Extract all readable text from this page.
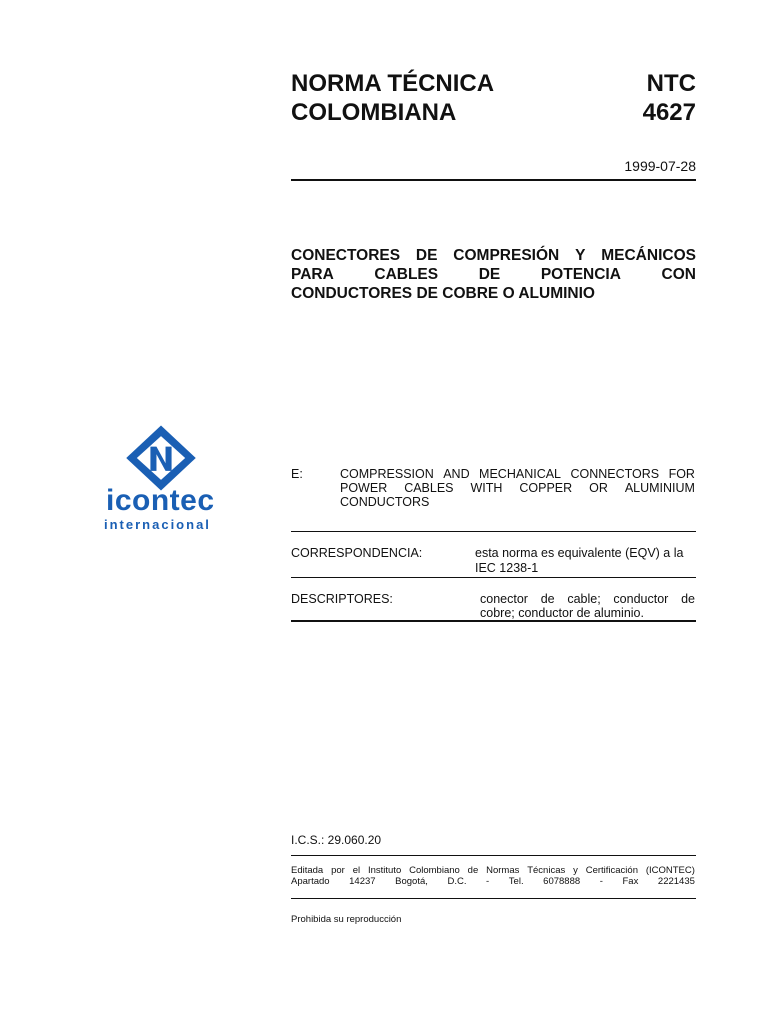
NORMA TÉCNICA
COLOMBIANA
NTC
4627
1999-07-28
CONECTORES DE COMPRESIÓN Y MECÁNICOS
PARA	CABLES	DE	POTENCIA	CON
CONDUCTORES DE COBRE O ALUMINIO
icontec
internacional
E:	COMPRESSION AND MECHANICAL CONNECTORS FOR
POWER CABLES WITH COPPER OR ALUMINIUM
CONDUCTORS
CORRESPONDENCIA:	esta norma es equivalente (EQV) a la
IEC 1238-1
DESCRIPTORES:	conector de cable; conductor de
cobre; conductor de aluminio.
I.C.S.: 29.060.20
Editada por el Instituto Colombiano de Normas Técnicas y Certificación (ICONTEC)
Apartado 14237 Bogotá, D.C. - Tel. 6078888 - Fax 2221435
Prohibida su reproducción
